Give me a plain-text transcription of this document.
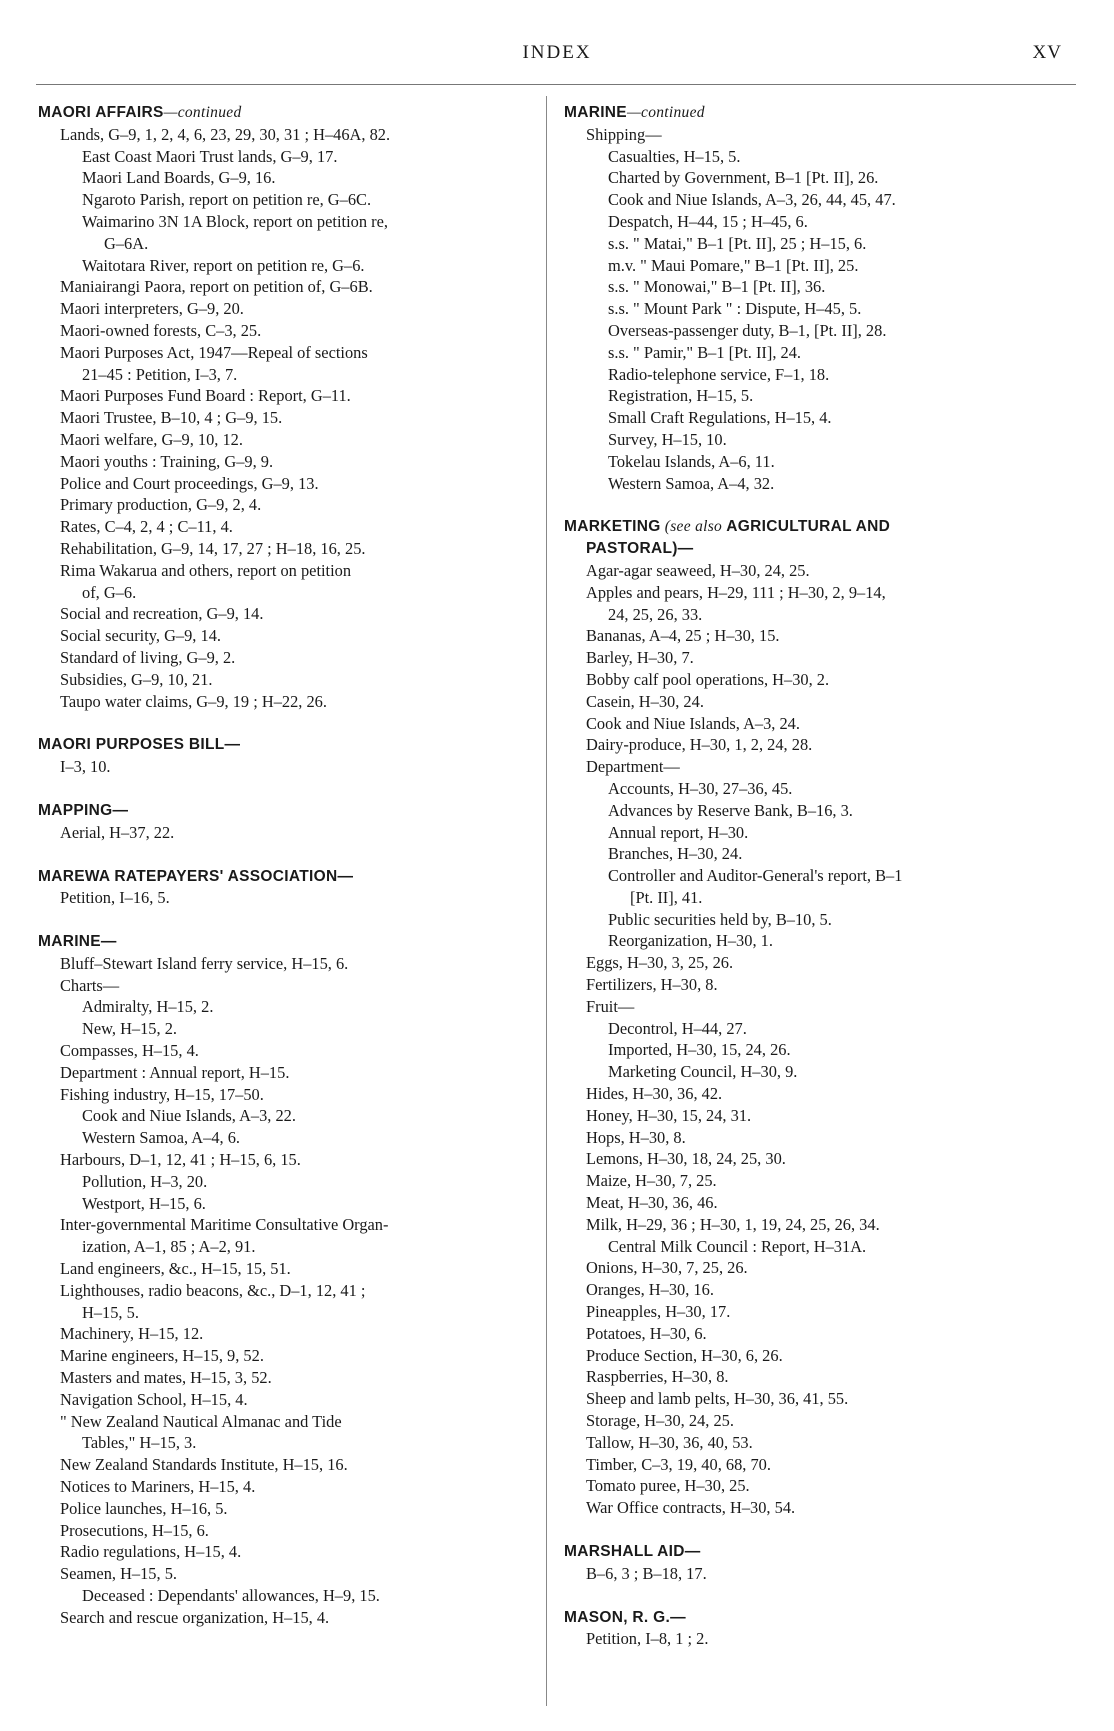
INDEX	XV
MAORI AFFAIRS—continued
Lands, G–9, 1, 2, 4, 6, 23, 29, 30, 31 ; H–46A, 82.
East Coast Maori Trust lands, G–9, 17.
Maori Land Boards, G–9, 16.
Ngaroto Parish, report on petition re, G–6C.
Waimarino 3N 1A Block, report on petition re,
G–6A.
Waitotara River, report on petition re, G–6.
Maniairangi Paora, report on petition of, G–6B.
Maori interpreters, G–9, 20.
Maori-owned forests, C–3, 25.
Maori Purposes Act, 1947—Repeal of sections
21–45 : Petition, I–3, 7.
Maori Purposes Fund Board : Report, G–11.
Maori Trustee, B–10, 4 ; G–9, 15.
Maori welfare, G–9, 10, 12.
Maori youths : Training, G–9, 9.
Police and Court proceedings, G–9, 13.
Primary production, G–9, 2, 4.
Rates, C–4, 2, 4 ; C–11, 4.
Rehabilitation, G–9, 14, 17, 27 ; H–18, 16, 25.
Rima Wakarua and others, report on petition
of, G–6.
Social and recreation, G–9, 14.
Social security, G–9, 14.
Standard of living, G–9, 2.
Subsidies, G–9, 10, 21.
Taupo water claims, G–9, 19 ; H–22, 26.
MAORI PURPOSES BILL—
I–3, 10.
MAPPING—
Aerial, H–37, 22.
MAREWA RATEPAYERS' ASSOCIATION—
Petition, I–16, 5.
MARINE—
Bluff–Stewart Island ferry service, H–15, 6.
Charts—
Admiralty, H–15, 2.
New, H–15, 2.
Compasses, H–15, 4.
Department : Annual report, H–15.
Fishing industry, H–15, 17–50.
Cook and Niue Islands, A–3, 22.
Western Samoa, A–4, 6.
Harbours, D–1, 12, 41 ; H–15, 6, 15.
Pollution, H–3, 20.
Westport, H–15, 6.
Inter-governmental Maritime Consultative Organ-
ization, A–1, 85 ; A–2, 91.
Land engineers, &c., H–15, 15, 51.
Lighthouses, radio beacons, &c., D–1, 12, 41 ;
H–15, 5.
Machinery, H–15, 12.
Marine engineers, H–15, 9, 52.
Masters and mates, H–15, 3, 52.
Navigation School, H–15, 4.
" New Zealand Nautical Almanac and Tide
Tables," H–15, 3.
New Zealand Standards Institute, H–15, 16.
Notices to Mariners, H–15, 4.
Police launches, H–16, 5.
Prosecutions, H–15, 6.
Radio regulations, H–15, 4.
Seamen, H–15, 5.
Deceased : Dependants' allowances, H–9, 15.
Search and rescue organization, H–15, 4.
MARINE—continued
Shipping—
Casualties, H–15, 5.
Charted by Government, B–1 [Pt. II], 26.
Cook and Niue Islands, A–3, 26, 44, 45, 47.
Despatch, H–44, 15 ; H–45, 6.
s.s. " Matai," B–1 [Pt. II], 25 ; H–15, 6.
m.v. " Maui Pomare," B–1 [Pt. II], 25.
s.s. " Monowai," B–1 [Pt. II], 36.
s.s. " Mount Park " : Dispute, H–45, 5.
Overseas-passenger duty, B–1, [Pt. II], 28.
s.s. " Pamir," B–1 [Pt. II], 24.
Radio-telephone service, F–1, 18.
Registration, H–15, 5.
Small Craft Regulations, H–15, 4.
Survey, H–15, 10.
Tokelau Islands, A–6, 11.
Western Samoa, A–4, 32.
MARKETING (see also AGRICULTURAL AND
PASTORAL)—
Agar-agar seaweed, H–30, 24, 25.
Apples and pears, H–29, 111 ; H–30, 2, 9–14,
24, 25, 26, 33.
Bananas, A–4, 25 ; H–30, 15.
Barley, H–30, 7.
Bobby calf pool operations, H–30, 2.
Casein, H–30, 24.
Cook and Niue Islands, A–3, 24.
Dairy-produce, H–30, 1, 2, 24, 28.
Department—
Accounts, H–30, 27–36, 45.
Advances by Reserve Bank, B–16, 3.
Annual report, H–30.
Branches, H–30, 24.
Controller and Auditor-General's report, B–1
[Pt. II], 41.
Public securities held by, B–10, 5.
Reorganization, H–30, 1.
Eggs, H–30, 3, 25, 26.
Fertilizers, H–30, 8.
Fruit—
Decontrol, H–44, 27.
Imported, H–30, 15, 24, 26.
Marketing Council, H–30, 9.
Hides, H–30, 36, 42.
Honey, H–30, 15, 24, 31.
Hops, H–30, 8.
Lemons, H–30, 18, 24, 25, 30.
Maize, H–30, 7, 25.
Meat, H–30, 36, 46.
Milk, H–29, 36 ; H–30, 1, 19, 24, 25, 26, 34.
Central Milk Council : Report, H–31A.
Onions, H–30, 7, 25, 26.
Oranges, H–30, 16.
Pineapples, H–30, 17.
Potatoes, H–30, 6.
Produce Section, H–30, 6, 26.
Raspberries, H–30, 8.
Sheep and lamb pelts, H–30, 36, 41, 55.
Storage, H–30, 24, 25.
Tallow, H–30, 36, 40, 53.
Timber, C–3, 19, 40, 68, 70.
Tomato puree, H–30, 25.
War Office contracts, H–30, 54.
MARSHALL AID—
B–6, 3 ; B–18, 17.
MASON, R. G.—
Petition, I–8, 1 ; 2.
